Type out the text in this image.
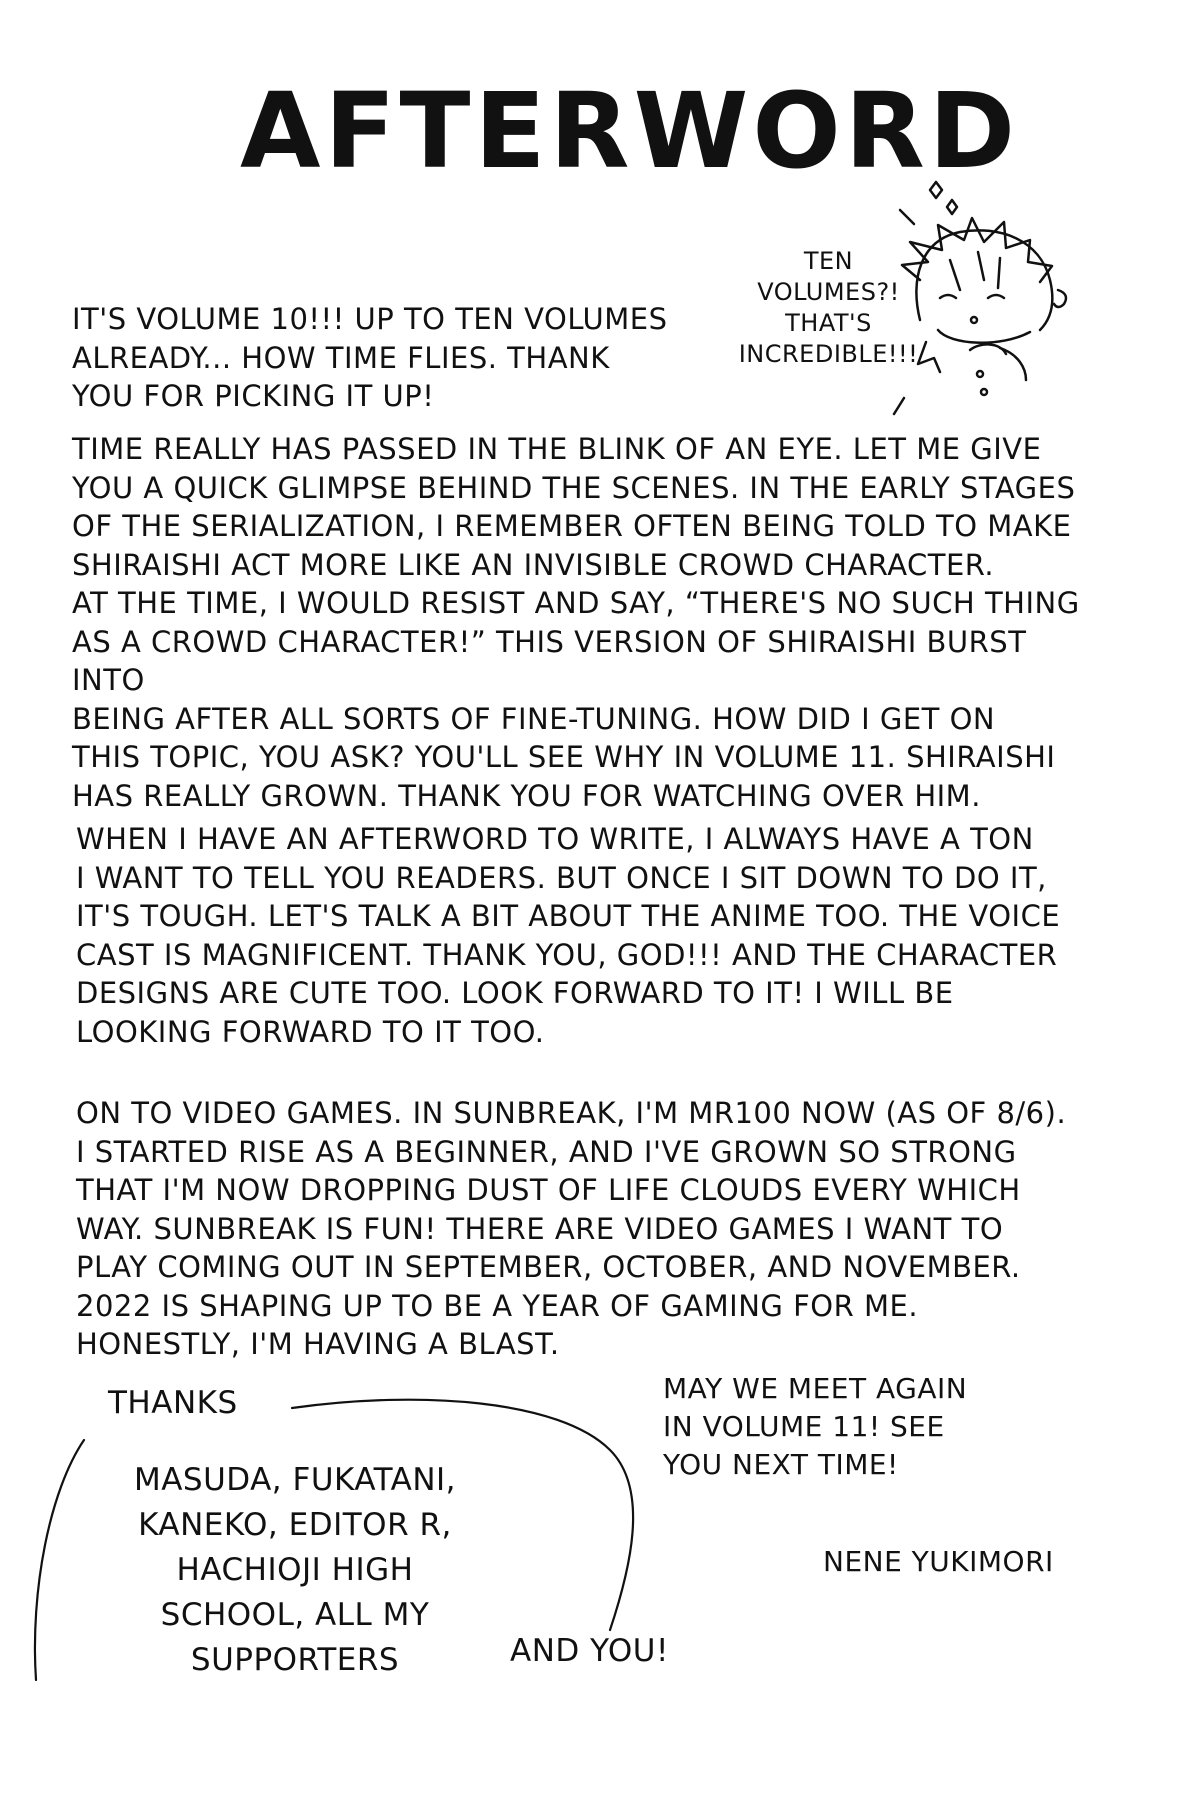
AFTERWORD
TEN
VOLUMES?!
THAT'S
INCREDIBLE!!!

IT'S VOLUME 10!!! UP TO TEN VOLUMES
ALREADY... HOW TIME FLIES. THANK
YOU FOR PICKING IT UP!

TIME REALLY HAS PASSED IN THE BLINK OF AN EYE. LET ME GIVE
YOU A QUICK GLIMPSE BEHIND THE SCENES. IN THE EARLY STAGES
OF THE SERIALIZATION, I REMEMBER OFTEN BEING TOLD TO MAKE
SHIRAISHI ACT MORE LIKE AN INVISIBLE CROWD CHARACTER.
AT THE TIME, I WOULD RESIST AND SAY, “THERE'S NO SUCH THING
AS A CROWD CHARACTER!” THIS VERSION OF SHIRAISHI BURST INTO
BEING AFTER ALL SORTS OF FINE-TUNING. HOW DID I GET ON
THIS TOPIC, YOU ASK? YOU'LL SEE WHY IN VOLUME 11. SHIRAISHI
HAS REALLY GROWN. THANK YOU FOR WATCHING OVER HIM.

WHEN I HAVE AN AFTERWORD TO WRITE, I ALWAYS HAVE A TON
I WANT TO TELL YOU READERS. BUT ONCE I SIT DOWN TO DO IT,
IT'S TOUGH. LET'S TALK A BIT ABOUT THE ANIME TOO. THE VOICE
CAST IS MAGNIFICENT. THANK YOU, GOD!!! AND THE CHARACTER
DESIGNS ARE CUTE TOO. LOOK FORWARD TO IT! I WILL BE
LOOKING FORWARD TO IT TOO.

ON TO VIDEO GAMES. IN SUNBREAK, I'M MR100 NOW (AS OF 8/6).
I STARTED RISE AS A BEGINNER, AND I'VE GROWN SO STRONG
THAT I'M NOW DROPPING DUST OF LIFE CLOUDS EVERY WHICH
WAY. SUNBREAK IS FUN! THERE ARE VIDEO GAMES I WANT TO
PLAY COMING OUT IN SEPTEMBER, OCTOBER, AND NOVEMBER.
2022 IS SHAPING UP TO BE A YEAR OF GAMING FOR ME.
HONESTLY, I'M HAVING A BLAST.

THANKS
MASUDA, FUKATANI,
KANEKO, EDITOR R,
HACHIOJI HIGH
SCHOOL, ALL MY
SUPPORTERS	AND YOU!
MAY WE MEET AGAIN
IN VOLUME 11! SEE
YOU NEXT TIME!
NENE YUKIMORI
